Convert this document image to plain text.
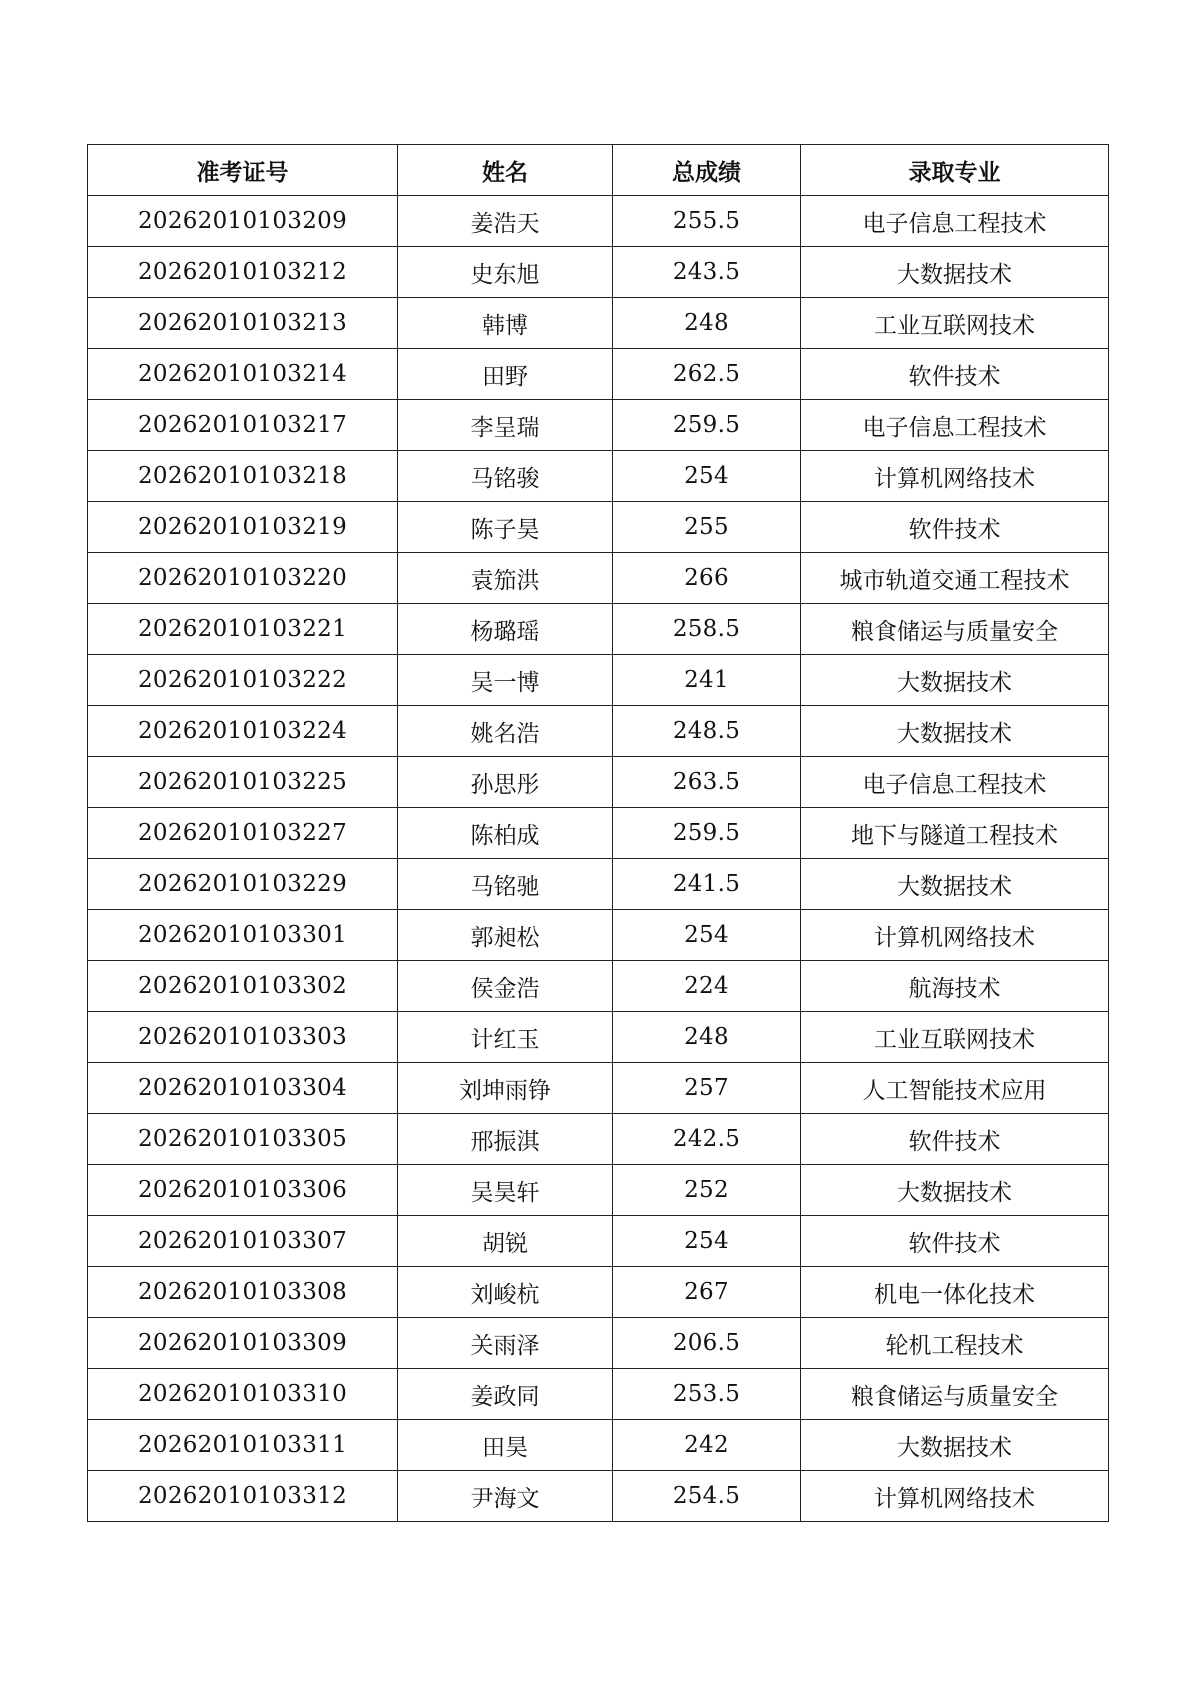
准考证号	姓名	总成绩	录取专业
20262010103209	姜浩天	255.5	电子信息工程技术
20262010103212	史东旭	243.5	大数据技术
20262010103213	韩博	248	工业互联网技术
20262010103214	田野	262.5	软件技术
20262010103217	李呈瑞	259.5	电子信息工程技术
20262010103218	马铭骏	254	计算机网络技术
20262010103219	陈子昊	255	软件技术
20262010103220	袁笳洪	266	城市轨道交通工程技术
20262010103221	杨璐瑶	258.5	粮食储运与质量安全
20262010103222	吴一博	241	大数据技术
20262010103224	姚名浩	248.5	大数据技术
20262010103225	孙思彤	263.5	电子信息工程技术
20262010103227	陈柏成	259.5	地下与隧道工程技术
20262010103229	马铭驰	241.5	大数据技术
20262010103301	郭昶松	254	计算机网络技术
20262010103302	侯金浩	224	航海技术
20262010103303	计红玉	248	工业互联网技术
20262010103304	刘坤雨铮	257	人工智能技术应用
20262010103305	邢振淇	242.5	软件技术
20262010103306	吴昊轩	252	大数据技术
20262010103307	胡锐	254	软件技术
20262010103308	刘峻杭	267	机电一体化技术
20262010103309	关雨泽	206.5	轮机工程技术
20262010103310	姜政同	253.5	粮食储运与质量安全
20262010103311	田昊	242	大数据技术
20262010103312	尹海文	254.5	计算机网络技术
